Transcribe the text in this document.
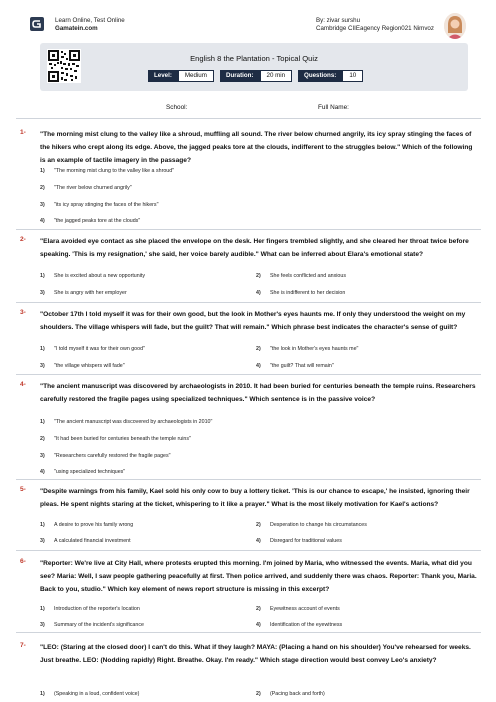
Learn Online, Test Online
Gamatein.com
By: zivar surshu
Cambridge CIIEagency Region021 Nimvoz
English 8 the Plantation - Topical Quiz
Level:	Medium	Duration:	20 min	Questions:	10
School:	Full Name:
1- "The morning mist clung to the valley like a shroud, muffling all sound. The river below churned angrily, its icy spray stinging the faces of the hikers who crept along its edge. Above, the jagged peaks tore at the clouds, indifferent to the struggles below." Which of the following is an example of tactile imagery in the passage?
1) "The morning mist clung to the valley like a shroud"
2) "The river below churned angrily"
3) "its icy spray stinging the faces of the hikers"
4) "the jagged peaks tore at the clouds"
2- "Elara avoided eye contact as she placed the envelope on the desk. Her fingers trembled slightly, and she cleared her throat twice before speaking. 'This is my resignation,' she said, her voice barely audible." What can be inferred about Elara's emotional state?
1) She is excited about a new opportunity	2) She feels conflicted and anxious
3) She is angry with her employer	4) She is indifferent to her decision
3- "October 17th I told myself it was for their own good, but the look in Mother's eyes haunts me. If only they understood the weight on my shoulders. The village whispers will fade, but the guilt? That will remain." Which phrase best indicates the character's sense of guilt?
1) "I told myself it was for their own good"	2) "the look in Mother's eyes haunts me"
3) "the village whispers will fade"	4) "the guilt? That will remain"
4- "The ancient manuscript was discovered by archaeologists in 2010. It had been buried for centuries beneath the temple ruins. Researchers carefully restored the fragile pages using specialized techniques." Which sentence is in the passive voice?
1) "The ancient manuscript was discovered by archaeologists in 2010"
2) "It had been buried for centuries beneath the temple ruins"
3) "Researchers carefully restored the fragile pages"
4) "using specialized techniques"
5- "Despite warnings from his family, Kael sold his only cow to buy a lottery ticket. 'This is our chance to escape,' he insisted, ignoring their pleas. He spent nights staring at the ticket, whispering to it like a prayer." What is the most likely motivation for Kael's actions?
1) A desire to prove his family wrong	2) Desperation to change his circumstances
3) A calculated financial investment	4) Disregard for traditional values
6- "Reporter: We're live at City Hall, where protests erupted this morning. I'm joined by Maria, who witnessed the events. Maria, what did you see? Maria: Well, I saw people gathering peacefully at first. Then police arrived, and suddenly there was chaos. Reporter: Thank you, Maria. Back to you, studio." Which key element of news report structure is missing in this excerpt?
1) Introduction of the reporter's location	2) Eyewitness account of events
3) Summary of the incident's significance	4) Identification of the eyewitness
7- "LEO: (Staring at the closed door) I can't do this. What if they laugh? MAYA: (Placing a hand on his shoulder) You've rehearsed for weeks. Just breathe. LEO: (Nodding rapidly) Right. Breathe. Okay. I'm ready." Which stage direction would best convey Leo's anxiety?
1) (Speaking in a loud, confident voice)	2) (Pacing back and forth)
